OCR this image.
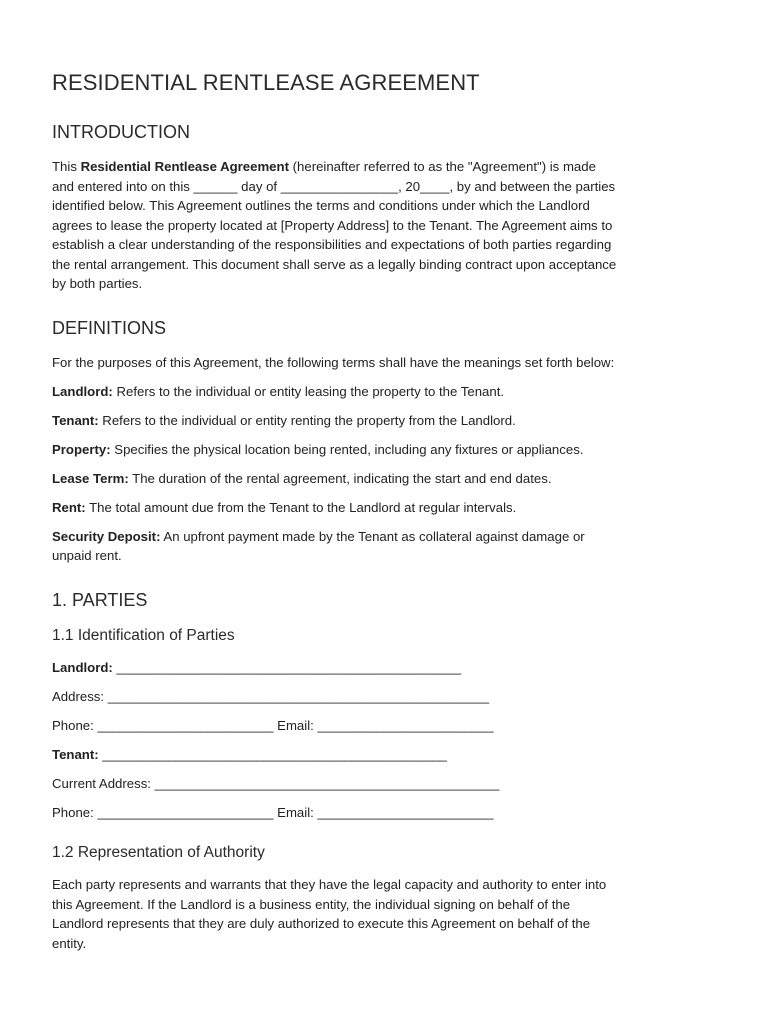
RESIDENTIAL RENTLEASE AGREEMENT
INTRODUCTION

This Residential Rentlease Agreement (hereinafter referred to as the "Agreement") is made

and entered into on this ______ day of ________________, 20____, by and between the parties

identified below. This Agreement outlines the terms and conditions under which the Landlord

agrees to lease the property located at [Property Address] to the Tenant. The Agreement aims to

establish a clear understanding of the responsibilities and expectations of both parties regarding

the rental arrangement. This document shall serve as a legally binding contract upon acceptance

by both parties.

DEFINITIONS

For the purposes of this Agreement, the following terms shall have the meanings set forth below:

Landlord: Refers to the individual or entity leasing the property to the Tenant.

Tenant: Refers to the individual or entity renting the property from the Landlord.

Property: Specifies the physical location being rented, including any fixtures or appliances.

Lease Term: The duration of the rental agreement, indicating the start and end dates.

Rent: The total amount due from the Tenant to the Landlord at regular intervals.

Security Deposit: An upfront payment made by the Tenant as collateral against damage or

unpaid rent.

1. PARTIES
1.1 Identification of Parties

Landlord: _______________________________________________

Address: ____________________________________________________

Phone: ________________________ Email: ________________________

Tenant: _______________________________________________

Current Address: _______________________________________________

Phone: ________________________ Email: ________________________

1.2 Representation of Authority

Each party represents and warrants that they have the legal capacity and authority to enter into

this Agreement. If the Landlord is a business entity, the individual signing on behalf of the

Landlord represents that they are duly authorized to execute this Agreement on behalf of the

entity.
